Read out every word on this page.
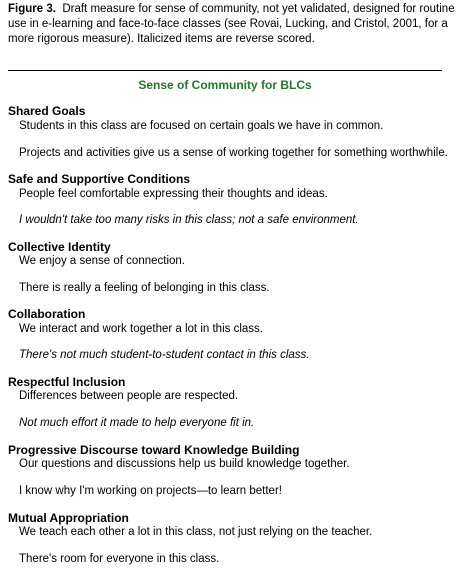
Figure 3. Draft measure for sense of community, not yet validated, designed for routine use in e-learning and face-to-face classes (see Rovai, Lucking, and Cristol, 2001, for a more rigorous measure). Italicized items are reverse scored.
Sense of Community for BLCs
Shared Goals
Students in this class are focused on certain goals we have in common.
Projects and activities give us a sense of working together for something worthwhile.
Safe and Supportive Conditions
People feel comfortable expressing their thoughts and ideas.
I wouldn't take too many risks in this class; not a safe environment.
Collective Identity
We enjoy a sense of connection.
There is really a feeling of belonging in this class.
Collaboration
We interact and work together a lot in this class.
There's not much student-to-student contact in this class.
Respectful Inclusion
Differences between people are respected.
Not much effort it made to help everyone fit in.
Progressive Discourse toward Knowledge Building
Our questions and discussions help us build knowledge together.
I know why I'm working on projects—to learn better!
Mutual Appropriation
We teach each other a lot in this class, not just relying on the teacher.
There's room for everyone in this class.
